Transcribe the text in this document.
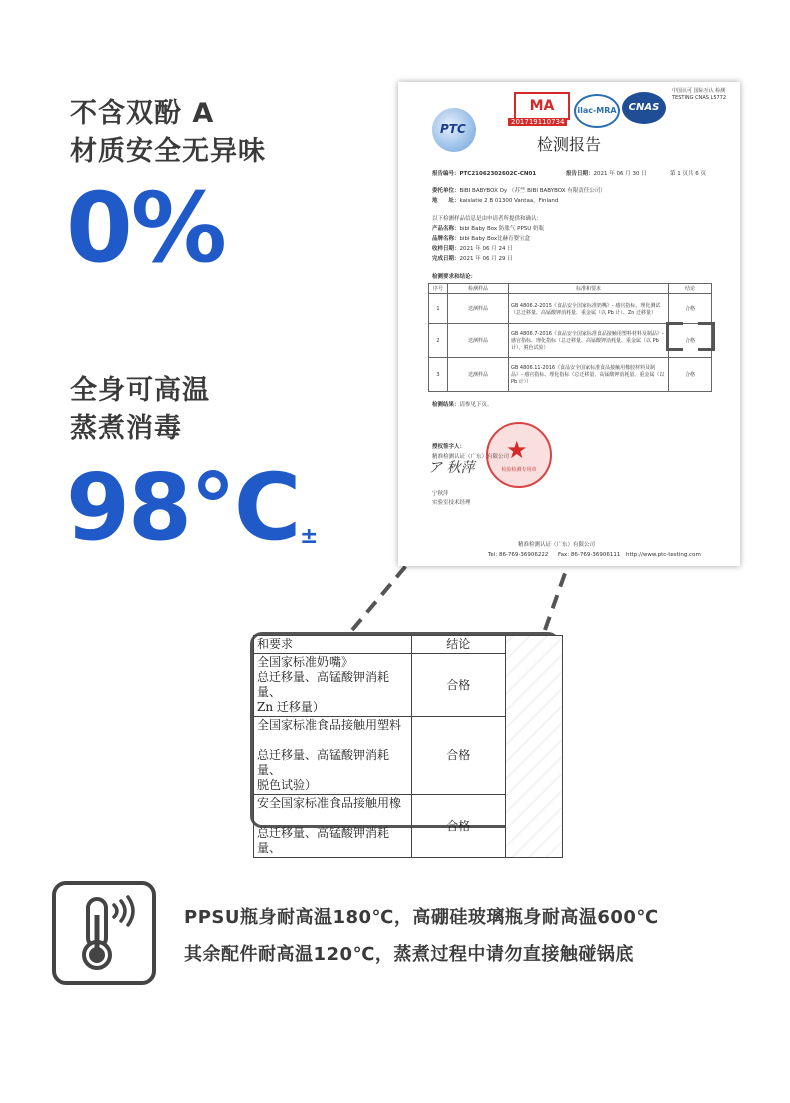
不含双酚 A
材质安全无异味
0%
全身可高温
蒸煮消毒
98℃ ±
PTC
MA
201719110734
ilac-MRA	CNAS
中国认可 国际互认 检测 TESTING CNAS L5772
检测报告
报告编号：PTC21062302602C-CN01	报告日期：2021 年 06 月 30 日	第 1 页共 6 页
委托单位：BIBI BABYBOX Oy （苏竺 BIBI BABYBOX 有限责任公司）
地　　址：kaislatie 2 B 01300 Vantaa，Finland
以下检测样品信息是由申请者所提供和确认：
产品名称：bibi Baby Box 防胀气 PPSU 奶瓶
品牌名称：bibi Baby Box比赫育婴宝盒
收样日期：2021 年 06 月 24 日
完成日期：2021 年 06 月 29 日
检测要求和结论：
序号	检测样品	标准和要求	结论
1	送测样品	GB 4806.2-2015《食品安全国家标准奶嘴》- 感官指标、理化测试（总迁移量、高锰酸钾消耗量、重金属（以 Pb 计）、Zn 迁移量）	合格
2	送测样品	GB 4806.7-2016《食品安全国家标准食品接触用塑料材料及制品》- 感官指标、理化指标（总迁移量、高锰酸钾消耗量、重金属（以 Pb 计）、脱色试验）	合格
3	送测样品	GB 4806.11-2016《食品安全国家标准食品接触用橡胶材料及制品》- 感官指标、理化指标（总迁移量、高锰酸钾消耗量、重金属（以 Pb 计））	合格
检测结果：请参见下页。
授权签字人：
精准检测认证（广东）有限公司
ア 秋萍
宁秋萍
实验室技术经理
★
检验检测专用章
精准检测认证（广东）有限公司
Tel: 86-769-36906222 Fax: 86-769-36906111 http://www.ptc-testing.com
和要求	结论	

全国家标准奶嘴》
总迁移量、高锰酸钾消耗量、
Zn 迁移量）	合格	

全国家标准食品接触用塑料
总迁移量、高锰酸钾消耗量、
脱色试验）	合格	

安全国家标准食品接触用橡
总迁移量、高锰酸钾消耗量、	合格	
PPSU瓶身耐高温180℃，高硼硅玻璃瓶身耐高温600℃
其余配件耐高温120℃，蒸煮过程中请勿直接触碰锅底
